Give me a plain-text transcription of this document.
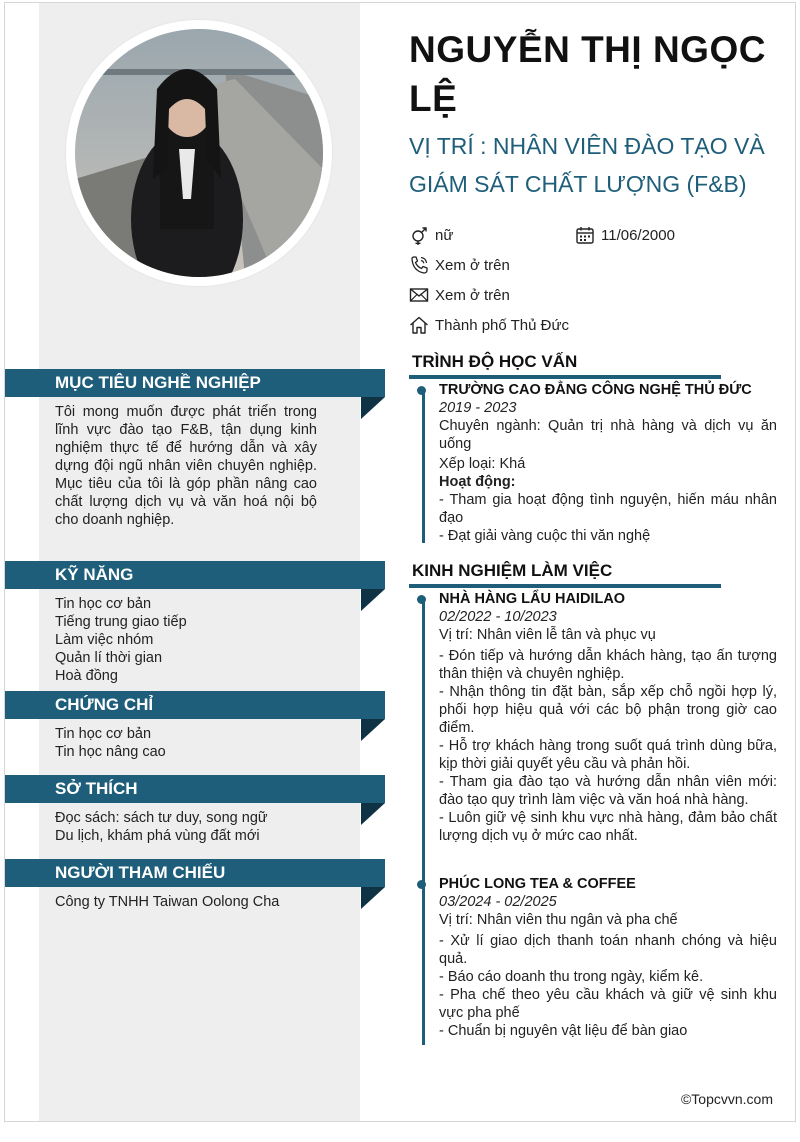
MỤC TIÊU NGHỀ NGHIỆP
Tôi mong muốn được phát triển trong lĩnh vực đào tạo F&B, tận dụng kinh nghiệm thực tế để hướng dẫn và xây dựng đội ngũ nhân viên chuyên nghiệp. Mục tiêu của tôi là góp phần nâng cao chất lượng dịch vụ và văn hoá nội bộ cho doanh nghiệp.
KỸ NĂNG
Tin học cơ bản
Tiếng trung giao tiếp
Làm việc nhóm
Quản lí thời gian
Hoà đồng
CHỨNG CHỈ
Tin học cơ bản
Tin học nâng cao
SỞ THÍCH
Đọc sách: sách tư duy, song ngữ
Du lịch, khám phá vùng đất mới
NGƯỜI THAM CHIẾU
Công ty TNHH Taiwan Oolong Cha
NGUYỄN THỊ NGỌC LỆ
VỊ TRÍ : NHÂN VIÊN ĐÀO TẠO VÀ GIÁM SÁT CHẤT LƯỢNG (F&B)
nữ	11/06/2000
Xem ở trên
Xem ở trên
Thành phố Thủ Đức
TRÌNH ĐỘ HỌC VẤN
TRƯỜNG CAO ĐẲNG CÔNG NGHỆ THỦ ĐỨC
2019 - 2023
Chuyên ngành: Quản trị nhà hàng và dịch vụ ăn uống
Xếp loại: Khá
Hoạt động:
- Tham gia hoạt động tình nguyện, hiến máu nhân đạo
- Đạt giải vàng cuộc thi văn nghệ
KINH NGHIỆM LÀM VIỆC
NHÀ HÀNG LẨU HAIDILAO
02/2022 - 10/2023
Vị trí: Nhân viên lễ tân và phục vụ
- Đón tiếp và hướng dẫn khách hàng, tạo ấn tượng thân thiện và chuyên nghiệp.
- Nhận thông tin đặt bàn, sắp xếp chỗ ngồi hợp lý, phối hợp hiệu quả với các bộ phận trong giờ cao điểm.
- Hỗ trợ khách hàng trong suốt quá trình dùng bữa, kịp thời giải quyết yêu cầu và phản hồi.
- Tham gia đào tạo và hướng dẫn nhân viên mới: đào tạo quy trình làm việc và văn hoá nhà hàng.
- Luôn giữ vệ sinh khu vực nhà hàng, đảm bảo chất lượng dịch vụ ở mức cao nhất.
PHÚC LONG TEA & COFFEE
03/2024 - 02/2025
Vị trí: Nhân viên thu ngân và pha chế
- Xử lí giao dịch thanh toán nhanh chóng và hiệu quả.
- Báo cáo doanh thu trong ngày, kiểm kê.
- Pha chế theo yêu cầu khách và giữ vệ sinh khu vực pha phế
- Chuẩn bị nguyên vật liệu để bàn giao
©Topcvvn.com
